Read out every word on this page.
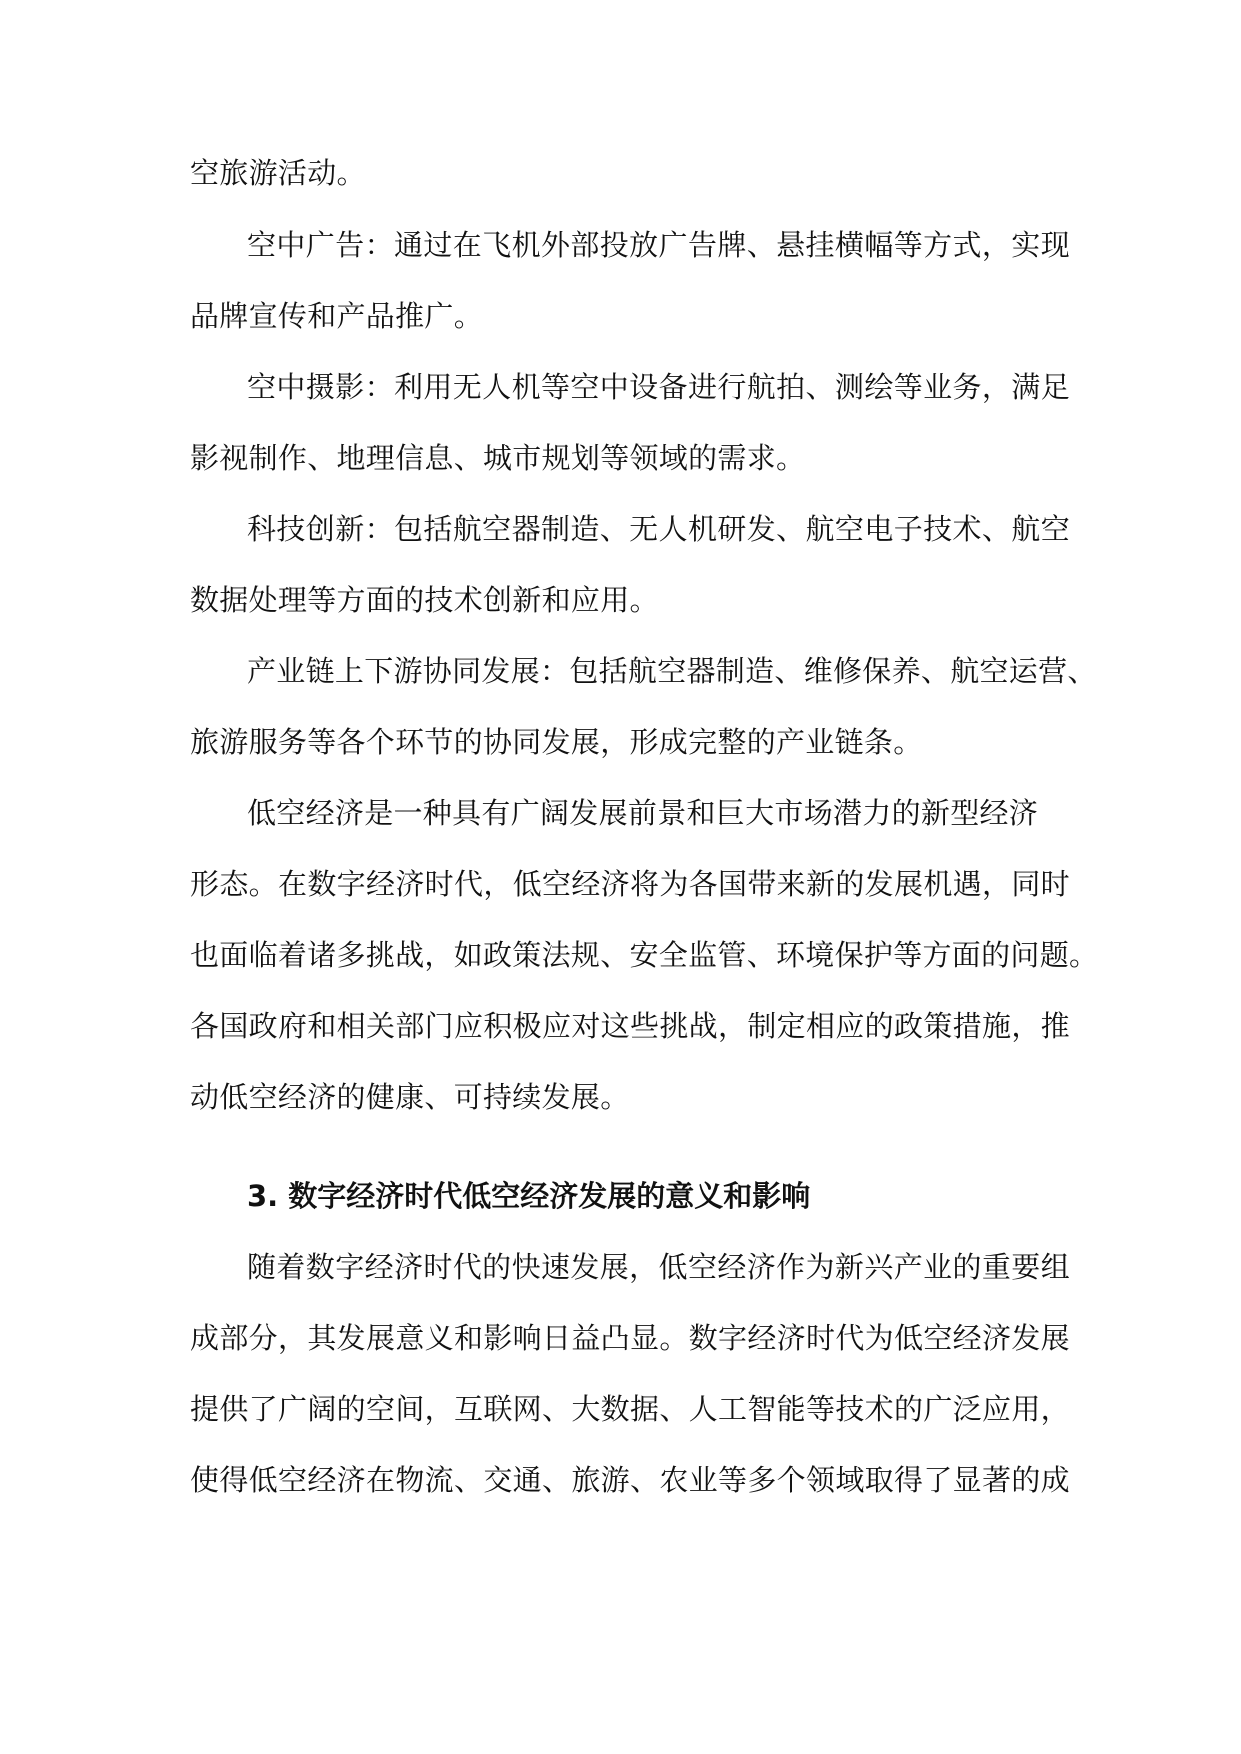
空旅游活动。
空中广告：通过在飞机外部投放广告牌、悬挂横幅等方式，实现
品牌宣传和产品推广。
空中摄影：利用无人机等空中设备进行航拍、测绘等业务，满足
影视制作、地理信息、城市规划等领域的需求。
科技创新：包括航空器制造、无人机研发、航空电子技术、航空
数据处理等方面的技术创新和应用。
产业链上下游协同发展：包括航空器制造、维修保养、航空运营、
旅游服务等各个环节的协同发展，形成完整的产业链条。
低空经济是一种具有广阔发展前景和巨大市场潜力的新型经济
形态。在数字经济时代，低空经济将为各国带来新的发展机遇，同时
也面临着诸多挑战，如政策法规、安全监管、环境保护等方面的问题。
各国政府和相关部门应积极应对这些挑战，制定相应的政策措施，推
动低空经济的健康、可持续发展。
3. 数字经济时代低空经济发展的意义和影响
随着数字经济时代的快速发展，低空经济作为新兴产业的重要组
成部分，其发展意义和影响日益凸显。数字经济时代为低空经济发展
提供了广阔的空间，互联网、大数据、人工智能等技术的广泛应用，
使得低空经济在物流、交通、旅游、农业等多个领域取得了显著的成
